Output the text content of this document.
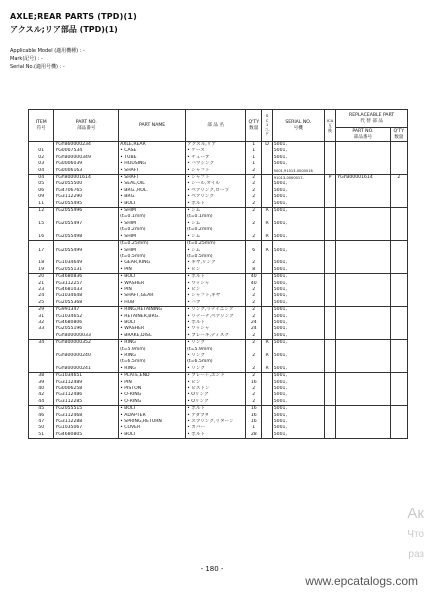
AXLE;REAR PARTS (TPD)(1)
アクスル;リア部品 (TPD)(1)
Applicable Model (適用機種) : -
Mark(記号) : -
Serial No.(適用号機) : -
ITEM
符号	PART NO.
部品番号	PART NAME	部 品 名	Q'TY
数量	S
C
1
コ-
ド	SERIAL NO.
号機	ICA
互
換	REPLACEABLE PART
代 替 部 品	
								PART NO.
部品番号	Q'TY
数量
	YGYB60000234	AXLE,REAR	アクスル,リア	1	D	5001,			
01	YG0007534	• CASE	• ケース	1		5001,			
02	YGYB00000349	• TUBE	• チューブ	1		5001,			
03	YG0006039	• HOUSING	• ハウジング	1		5001,			
04	YG0006163	• SHAFT	• シャフト	2		5001,91013-0000016			
04	YGYB00001614	• SHAFT	• シャフト	2		91013-0000017-	P	YGYB00001614	2
05	YG2055500	• SEAL,OIL	• シール,オイル	2		5001,			
06	YG4706765	• BRG.,ROL.	• ベアリング,ローラ	2		5001,			
09	YG3112290	• BRG.	• ベアリング	2		5001,			
11	YG2055495	• BOLT	• ボルト	2		5001,			
12	YG2055496	• SHIM	• シム	2	R	5001,			
		(t=0.1mm)	(t=0.1mm)						
15	YG2055497	• SHIM	• シム	2	R	5001,			
		(t=0.2mm)	(t=0.2mm)						
16	YG2055498	• SHIM	• シム	2	R	5001,			
		(t=0.25mm)	(t=0.25mm)						
17	YG2055499	• SHIM	• シム	6	R	5001,			
		(t=0.5mm)	(t=0.5mm)						
18	YG1034649	• GEAR,RING	• ギヤ,リング	2		5001,			
19	YG2055131	• PIN	• ピン	8		5001,			
20	YG4680836	• BOLT	• ボルト	40		5001,			
21	YG3112257	• WASHER	• ワッシャ	40		5001,			
23	YG4681033	• PIN	• ピン	2		5001,			
24	YG1034648	• SHAFT,GEAR	• シャフト,ギヤ	2		5001,			
25	YG2055368	• HUB	• ハブ	2		5001,			
29	YG991347	• RING,RETAINING	• リング,リテイニング	2		5001,			
31	YG1034652	• RETAINER,BRG.	• リテーナ,ベアリング	2		5001,			
32	YG4680806	• BOLT	• ボルト	24		5001,			
33	YG2055196	• WASHER	• ワッシャ	24		5001,			
	YGYB00000033	• BRAKE,DISC	• ブレーキ,ディスク	2		5001,			
34	YGYB00000352	• RING	• リング	2	R	5001,			
		(t=5.9mm)	(t=5.9mm)						
	YGYB00000240	• RING	• リング	2	R	5001,			
		(t=6.5mm)	(t=6.5mm)						
	YGYB00000241	• RING	• リング	2	R	5001,			
38	YG1034651	• PLATE,END	• プレート,エンド	2		5001,			
39	YG3112489	• PIN	• ピン	16		5001,			
40	YG0006258	• PISTON	• ピストン	2		5001,			
42	YG3112486	• O-RING	• Oリング	2		5001,			
44	YG3112285	• O-RING	• Oリング	2		5001,			
45	YG2055515	• BOLT	• ボルト	16		5001,			
46	YG3112468	• ADAPTER	• アダプタ	16		5001,			
47	YG3112288	• SPRING,RETURN	• スプリング,リターン	16		5001,			
50	YG1035067	• COVER	• カバー	1		5001,			
51	YG4680805	• BOLT	• ボルト	28		5001,			
- 180 -
www.epcatalogs.com
Ак
Что
раз
